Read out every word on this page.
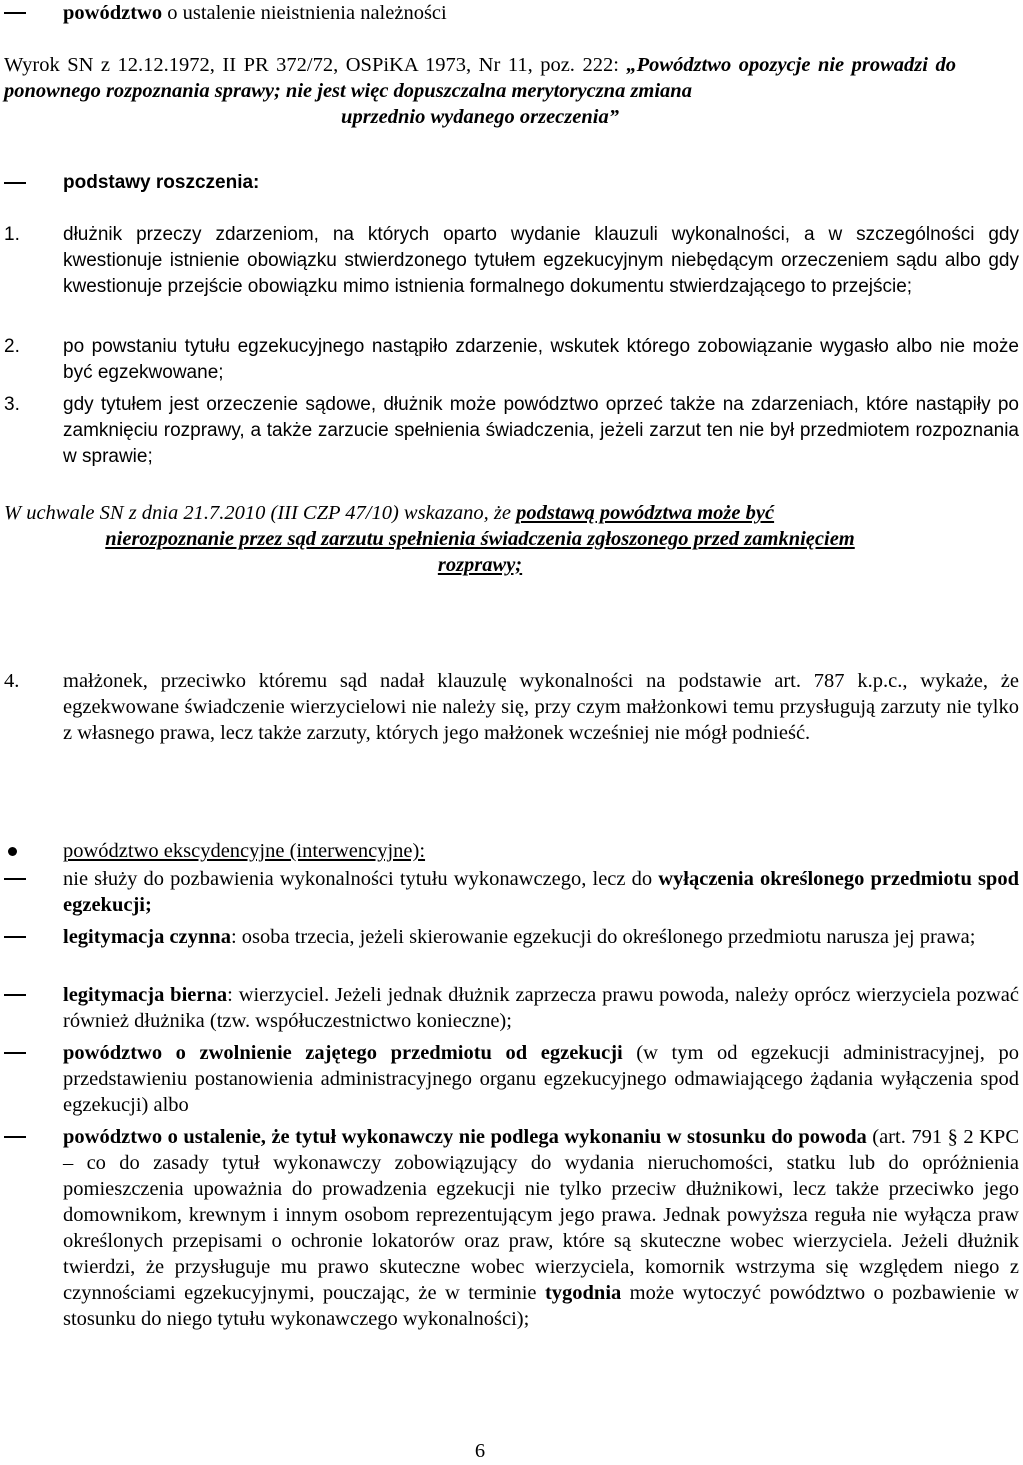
powództwo o ustalenie nieistnienia należności
Wyrok SN z 12.12.1972, II PR 372/72, OSPiKA 1973, Nr 11, poz. 222: „Powództwo opozycje nie prowadzi do ponownego rozpoznania sprawy; nie jest więc dopuszczalna merytoryczna zmiana
uprzednio wydanego orzeczenia”
podstawy roszczenia:
1. dłużnik przeczy zdarzeniom, na których oparto wydanie klauzuli wykonalności, a w szczególności gdy kwestionuje istnienie obowiązku stwierdzonego tytułem egzekucyjnym niebędącym orzeczeniem sądu albo gdy kwestionuje przejście obowiązku mimo istnienia formalnego dokumentu stwierdzającego to przejście;
2. po powstaniu tytułu egzekucyjnego nastąpiło zdarzenie, wskutek którego zobowiązanie wygasło albo nie może być egzekwowane;
3. gdy tytułem jest orzeczenie sądowe, dłużnik może powództwo oprzeć także na zdarzeniach, które nastąpiły po zamknięciu rozprawy, a także zarzucie spełnienia świadczenia, jeżeli zarzut ten nie był przedmiotem rozpoznania w sprawie;
W uchwale SN z dnia 21.7.2010 (III CZP 47/10) wskazano, że podstawą powództwa może być
nierozpoznanie przez sąd zarzutu spełnienia świadczenia zgłoszonego przed zamknięciem
rozprawy;
4. małżonek, przeciwko któremu sąd nadał klauzulę wykonalności na podstawie art. 787 k.p.c., wykaże, że egzekwowane świadczenie wierzycielowi nie należy się, przy czym małżonkowi temu przysługują zarzuty nie tylko z własnego prawa, lecz także zarzuty, których jego małżonek wcześniej nie mógł podnieść.
powództwo ekscydencyjne (interwencyjne):
nie służy do pozbawienia wykonalności tytułu wykonawczego, lecz do wyłączenia określonego przedmiotu spod egzekucji;
legitymacja czynna: osoba trzecia, jeżeli skierowanie egzekucji do określonego przedmiotu narusza jej prawa;
legitymacja bierna: wierzyciel. Jeżeli jednak dłużnik zaprzecza prawu powoda, należy oprócz wierzyciela pozwać również dłużnika (tzw. współuczestnictwo konieczne);
powództwo o zwolnienie zajętego przedmiotu od egzekucji (w tym od egzekucji administracyjnej, po przedstawieniu postanowienia administracyjnego organu egzekucyjnego odmawiającego żądania wyłączenia spod egzekucji) albo
powództwo o ustalenie, że tytuł wykonawczy nie podlega wykonaniu w stosunku do powoda (art. 791 § 2 KPC – co do zasady tytuł wykonawczy zobowiązujący do wydania nieruchomości, statku lub do opróżnienia pomieszczenia upoważnia do prowadzenia egzekucji nie tylko przeciw dłużnikowi, lecz także przeciwko jego domownikom, krewnym i innym osobom reprezentującym jego prawa. Jednak powyższa reguła nie wyłącza praw określonych przepisami o ochronie lokatorów oraz praw, które są skuteczne wobec wierzyciela. Jeżeli dłużnik twierdzi, że przysługuje mu prawo skuteczne wobec wierzyciela, komornik wstrzyma się względem niego z czynnościami egzekucyjnymi, pouczając, że w terminie tygodnia może wytoczyć powództwo o pozbawienie w stosunku do niego tytułu wykonawczego wykonalności);
6
